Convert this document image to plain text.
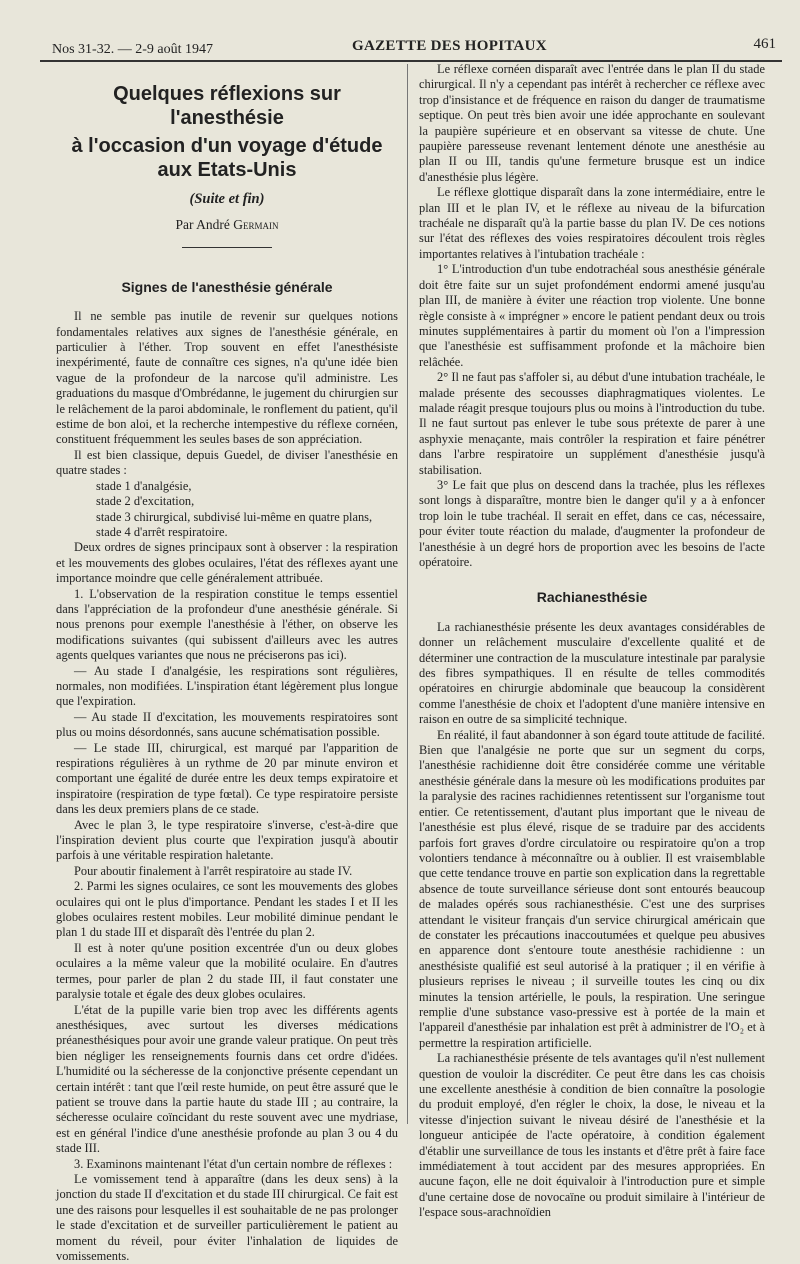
Nos 31-32. — 2-9 août 1947	GAZETTE DES HOPITAUX	461
Quelques réflexions sur l'anesthésie
à l'occasion d'un voyage d'étude aux Etats-Unis
(Suite et fin)
Par André Germain
Signes de l'anesthésie générale

Il ne semble pas inutile de revenir sur quelques notions fondamentales relatives aux signes de l'anesthésie générale, en particulier à l'éther. Trop souvent en effet l'anesthésiste inexpérimenté, faute de connaître ces signes, n'a qu'une idée bien vague de la profondeur de la narcose qu'il administre. Les graduations du masque d'Ombrédanne, le jugement du chirurgien sur le relâchement de la paroi abdominale, le ronflement du patient, qu'il estime de bon aloi, et la recherche intempestive du réflexe cornéen, constituent fréquemment les seules bases de son appréciation.

Il est bien classique, depuis Guedel, de diviser l'anesthésie en quatre stades :

stade 1 d'analgésie,

stade 2 d'excitation,

stade 3 chirurgical, subdivisé lui-même en quatre plans,

stade 4 d'arrêt respiratoire.

Deux ordres de signes principaux sont à observer : la respiration et les mouvements des globes oculaires, l'état des réflexes ayant une importance moindre que celle généralement attribuée.

1. L'observation de la respiration constitue le temps essentiel dans l'appréciation de la profondeur d'une anesthésie générale. Si nous prenons pour exemple l'anesthésie à l'éther, on observe les modifications suivantes (qui subissent d'ailleurs avec les autres agents quelques variantes que nous ne préciserons pas ici).

— Au stade I d'analgésie, les respirations sont régulières, normales, non modifiées. L'inspiration étant légèrement plus longue que l'expiration.

— Au stade II d'excitation, les mouvements respiratoires sont plus ou moins désordonnés, sans aucune schématisation possible.

— Le stade III, chirurgical, est marqué par l'apparition de respirations régulières à un rythme de 20 par minute environ et comportant une égalité de durée entre les deux temps expiratoire et inspiratoire (respiration de type fœtal). Ce type respiratoire persiste dans les deux premiers plans de ce stade.

Avec le plan 3, le type respiratoire s'inverse, c'est-à-dire que l'inspiration devient plus courte que l'expiration jusqu'à aboutir parfois à une véritable respiration haletante.

Pour aboutir finalement à l'arrêt respiratoire au stade IV.

2. Parmi les signes oculaires, ce sont les mouvements des globes oculaires qui ont le plus d'importance. Pendant les stades I et II les globes oculaires restent mobiles. Leur mobilité diminue pendant le plan 1 du stade III et disparaît dès l'entrée du plan 2.

Il est à noter qu'une position excentrée d'un ou deux globes oculaires a la même valeur que la mobilité oculaire. En d'autres termes, pour parler de plan 2 du stade III, il faut constater une paralysie totale et égale des deux globes oculaires.

L'état de la pupille varie bien trop avec les différents agents anesthésiques, avec surtout les diverses médications préanesthésiques pour avoir une grande valeur pratique. On peut très bien négliger les renseignements fournis dans cet ordre d'idées. L'humidité ou la sécheresse de la conjonctive présente cependant un certain intérêt : tant que l'œil reste humide, on peut être assuré que le patient se trouve dans la partie haute du stade III ; au contraire, la sécheresse oculaire coïncidant du reste souvent avec une mydriase, est en général l'indice d'une anesthésie profonde au plan 3 ou 4 du stade III.

3. Examinons maintenant l'état d'un certain nombre de réflexes :

Le vomissement tend à apparaître (dans les deux sens) à la jonction du stade II d'excitation et du stade III chirurgical. Ce fait est une des raisons pour lesquelles il est souhaitable de ne pas prolonger le stade d'excitation et de surveiller particulièrement le patient au moment du réveil, pour éviter l'inhalation de liquides de vomissements.

Le réflexe cornéen disparaît avec l'entrée dans le plan II du stade chirurgical. Il n'y a cependant pas intérêt à rechercher ce réflexe avec trop d'insistance et de fréquence en raison du danger de traumatisme septique. On peut très bien avoir une idée approchante en soulevant la paupière supérieure et en observant sa vitesse de chute. Une paupière paresseuse revenant lentement dénote une anesthésie au plan II ou III, tandis qu'une fermeture brusque est un indice d'anesthésie plus légère.

Le réflexe glottique disparaît dans la zone intermédiaire, entre le plan III et le plan IV, et le réflexe au niveau de la bifurcation trachéale ne disparaît qu'à la partie basse du plan IV. De ces notions sur l'état des réflexes des voies respiratoires découlent trois règles importantes relatives à l'intubation trachéale :

1° L'introduction d'un tube endotrachéal sous anesthésie générale doit être faite sur un sujet profondément endormi amené jusqu'au plan III, de manière à éviter une réaction trop violente. Une bonne règle consiste à « imprégner » encore le patient pendant deux ou trois minutes supplémentaires à partir du moment où l'on a l'impression que l'anesthésie est suffisamment profonde et la mâchoire bien relâchée.

2° Il ne faut pas s'affoler si, au début d'une intubation trachéale, le malade présente des secousses diaphragmatiques violentes. Le malade réagit presque toujours plus ou moins à l'introduction du tube. Il ne faut surtout pas enlever le tube sous prétexte de parer à une asphyxie menaçante, mais contrôler la respiration et faire pénétrer dans l'arbre respiratoire un supplément d'anesthésie jusqu'à stabilisation.

3° Le fait que plus on descend dans la trachée, plus les réflexes sont longs à disparaître, montre bien le danger qu'il y a à enfoncer trop loin le tube trachéal. Il serait en effet, dans ce cas, nécessaire, pour éviter toute réaction du malade, d'augmenter la profondeur de l'anesthésie à un degré hors de proportion avec les besoins de l'acte opératoire.

Rachianesthésie

La rachianesthésie présente les deux avantages considérables de donner un relâchement musculaire d'excellente qualité et de déterminer une contraction de la musculature intestinale par paralysie des fibres sympathiques. Il en résulte de telles commodités opératoires en chirurgie abdominale que beaucoup la considèrent comme l'anesthésie de choix et l'adoptent d'une manière intensive en raison en outre de sa simplicité technique.

En réalité, il faut abandonner à son égard toute attitude de facilité. Bien que l'analgésie ne porte que sur un segment du corps, l'anesthésie rachidienne doit être considérée comme une véritable anesthésie générale dans la mesure où les modifications produites par la paralysie des racines rachidiennes retentissent sur l'organisme tout entier. Ce retentissement, d'autant plus important que le niveau de l'anesthésie est plus élevé, risque de se traduire par des accidents parfois fort graves d'ordre circulatoire ou respiratoire qu'on a trop volontiers tendance à méconnaître ou à oublier. Il est vraisemblable que cette tendance trouve en partie son explication dans la regrettable absence de toute surveillance sérieuse dont sont entourés beaucoup de malades opérés sous rachianesthésie. C'est une des surprises attendant le visiteur français d'un service chirurgical américain que de constater les précautions inaccoutumées et quelque peu abusives en apparence dont s'entoure toute anesthésie rachidienne : un anesthésiste qualifié est seul autorisé à la pratiquer ; il en vérifie à plusieurs reprises le niveau ; il surveille toutes les cinq ou dix minutes la tension artérielle, le pouls, la respiration. Une seringue remplie d'une substance vaso-pressive est à portée de la main et l'appareil d'anesthésie par inhalation est prêt à administrer de l'O₂ et à permettre la respiration artificielle.

La rachianesthésie présente de tels avantages qu'il n'est nullement question de vouloir la discréditer. Ce peut être dans les cas choisis une excellente anesthésie à condition de bien connaître la posologie du produit employé, d'en régler le choix, la dose, le niveau et la vitesse d'injection suivant le niveau désiré de l'anesthésie et la longueur anticipée de l'acte opératoire, à condition également d'établir une surveillance de tous les instants et d'être prêt à faire face immédiatement à tout accident par des mesures appropriées. En aucune façon, elle ne doit équivaloir à l'introduction pure et simple d'une certaine dose de novocaïne ou produit similaire à l'intérieur de l'espace sous-arachnoïdien
